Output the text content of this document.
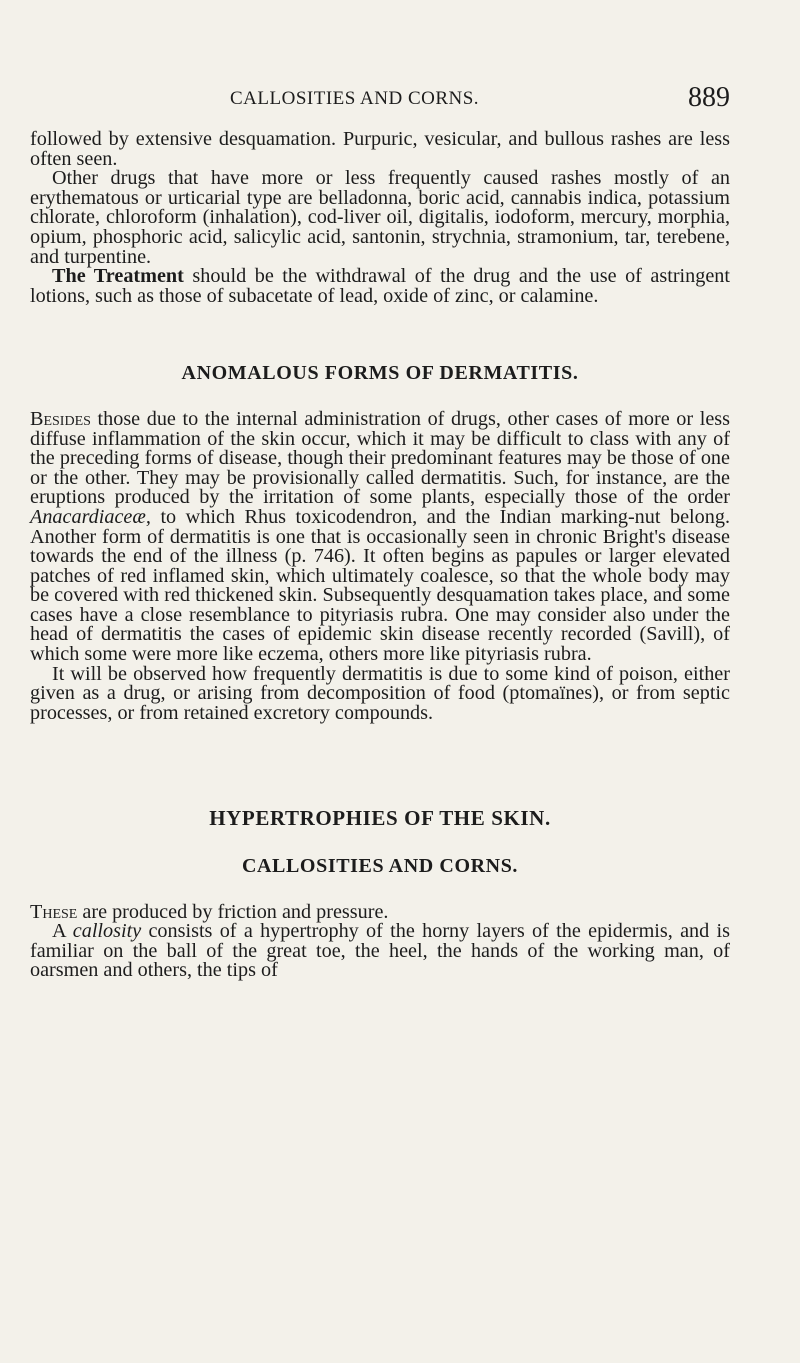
CALLOSITIES AND CORNS.	889

followed by extensive desquamation. Purpuric, vesicular, and bullous rashes are less often seen.

Other drugs that have more or less frequently caused rashes mostly of an erythematous or urticarial type are belladonna, boric acid, cannabis indica, potassium chlorate, chloroform (inhalation), cod-liver oil, digitalis, iodoform, mercury, morphia, opium, phosphoric acid, salicylic acid, santonin, strychnia, stramonium, tar, terebene, and turpentine.

The Treatment should be the withdrawal of the drug and the use of astringent lotions, such as those of subacetate of lead, oxide of zinc, or calamine.

ANOMALOUS FORMS OF DERMATITIS.

Besides those due to the internal administration of drugs, other cases of more or less diffuse inflammation of the skin occur, which it may be difficult to class with any of the preceding forms of disease, though their predominant features may be those of one or the other. They may be provisionally called dermatitis. Such, for instance, are the eruptions produced by the irritation of some plants, especially those of the order Anacardiaceæ, to which Rhus toxicodendron, and the Indian marking-nut belong. Another form of dermatitis is one that is occasionally seen in chronic Bright's disease towards the end of the illness (p. 746). It often begins as papules or larger elevated patches of red inflamed skin, which ultimately coalesce, so that the whole body may be covered with red thickened skin. Subsequently desquamation takes place, and some cases have a close resemblance to pityriasis rubra. One may consider also under the head of dermatitis the cases of epidemic skin disease recently recorded (Savill), of which some were more like eczema, others more like pityriasis rubra.

It will be observed how frequently dermatitis is due to some kind of poison, either given as a drug, or arising from decomposition of food (ptomaïnes), or from septic processes, or from retained excretory compounds.

HYPERTROPHIES OF THE SKIN.
CALLOSITIES AND CORNS.

These are produced by friction and pressure.

A callosity consists of a hypertrophy of the horny layers of the epidermis, and is familiar on the ball of the great toe, the heel, the hands of the working man, of oarsmen and others, the tips of
